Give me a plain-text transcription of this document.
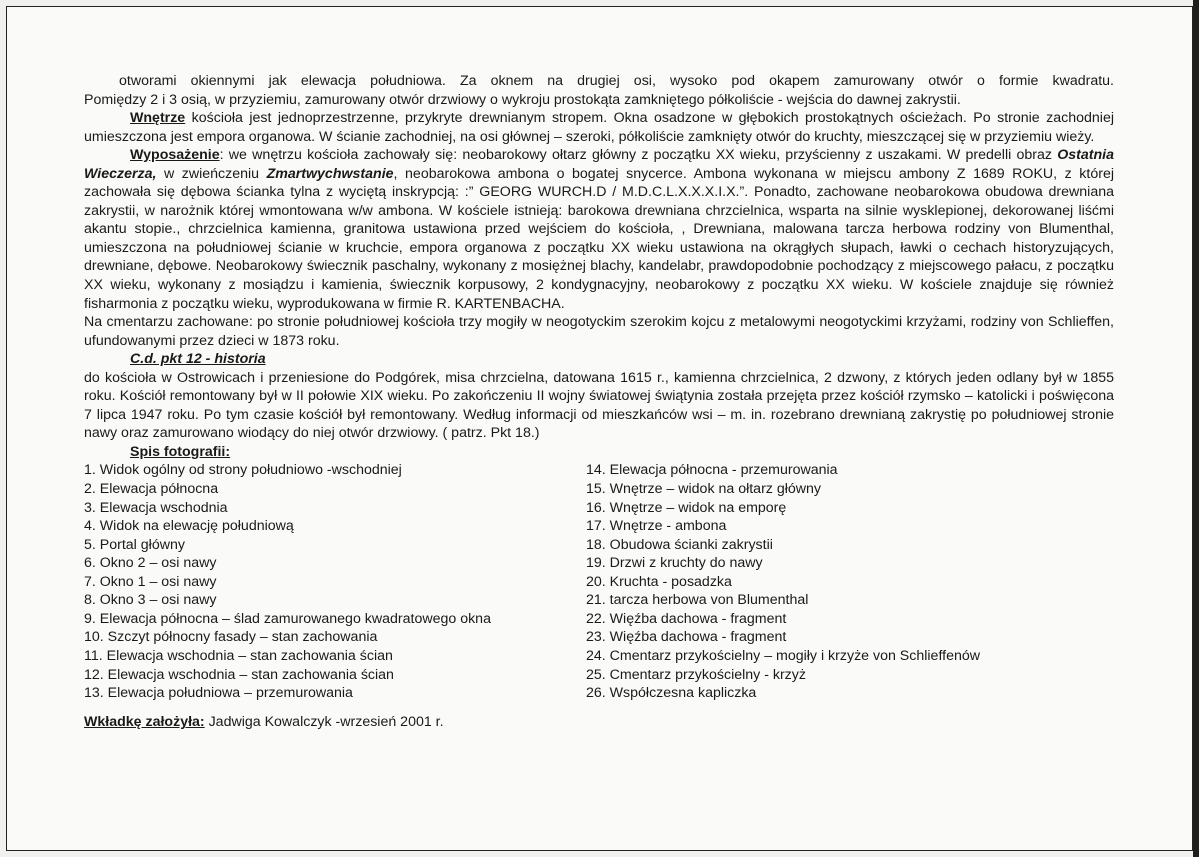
otworami okiennymi jak elewacja południowa. Za oknem na drugiej osi, wysoko pod okapem zamurowany otwór o formie kwadratu.

Pomiędzy 2 i 3 osią, w przyziemiu, zamurowany otwór drzwiowy o wykroju prostokąta zamkniętego półkoliście - wejścia do dawnej zakrystii.

Wnętrze kościoła jest jednoprzestrzenne, przykryte drewnianym stropem. Okna osadzone w głębokich prostokątnych ościeżach. Po stronie zachodniej umieszczona jest empora organowa. W ścianie zachodniej, na osi głównej – szeroki, półkoliście zamknięty otwór do kruchty, mieszczącej się w przyziemiu wieży.

Wyposażenie: we wnętrzu kościoła zachowały się: neobarokowy ołtarz główny z początku XX wieku, przyścienny z uszakami. W predelli obraz Ostatnia Wieczerza, w zwieńczeniu Zmartwychwstanie, neobarokowa ambona o bogatej snycerce. Ambona wykonana w miejscu ambony Z 1689 ROKU, z której zachowała się dębowa ścianka tylna z wyciętą inskrypcją: :” GEORG WURCH.D / M.D.C.L.X.X.X.I.X.”. Ponadto, zachowane neobarokowa obudowa drewniana zakrystii, w narożnik której wmontowana w/w ambona. W kościele istnieją: barokowa drewniana chrzcielnica, wsparta na silnie wysklepionej, dekorowanej liśćmi akantu stopie., chrzcielnica kamienna, granitowa ustawiona przed wejściem do kościoła, , Drewniana, malowana tarcza herbowa rodziny von Blumenthal, umieszczona na południowej ścianie w kruchcie, empora organowa z początku XX wieku ustawiona na okrągłych słupach, ławki o cechach historyzujących, drewniane, dębowe. Neobarokowy świecznik paschalny, wykonany z mosiężnej blachy, kandelabr, prawdopodobnie pochodzący z miejscowego pałacu, z początku XX wieku, wykonany z mosiądzu i kamienia, świecznik korpusowy, 2 kondygnacyjny, neobarokowy z początku XX wieku. W kościele znajduje się również fisharmonia z początku wieku, wyprodukowana w firmie R. KARTENBACHA.

Na cmentarzu zachowane: po stronie południowej kościoła trzy mogiły w neogotyckim szerokim kojcu z metalowymi neogotyckimi krzyżami, rodziny von Schlieffen, ufundowanymi przez dzieci w 1873 roku.

C.d. pkt 12 - historia

do kościoła w Ostrowicach i przeniesione do Podgórek, misa chrzcielna, datowana 1615 r., kamienna chrzcielnica, 2 dzwony, z których jeden odlany był w 1855 roku. Kościół remontowany był w II połowie XIX wieku. Po zakończeniu II wojny światowej świątynia została przejęta przez kościół rzymsko – katolicki i poświęcona 7 lipca 1947 roku. Po tym czasie kościół był remontowany. Według informacji od mieszkańców wsi – m. in. rozebrano drewnianą zakrystię po południowej stronie nawy oraz zamurowano wiodący do niej otwór drzwiowy. ( patrz. Pkt 18.)

Spis fotografii:

1. Widok ogólny od strony południowo -wschodniej

2. Elewacja północna

3. Elewacja wschodnia

4. Widok na elewację południową

5. Portal główny

6. Okno 2 – osi nawy

7. Okno 1 – osi nawy

8. Okno 3 – osi nawy

9. Elewacja północna – ślad zamurowanego kwadratowego okna

10. Szczyt północny fasady – stan zachowania

11. Elewacja wschodnia – stan zachowania ścian

12. Elewacja wschodnia – stan zachowania ścian

13. Elewacja południowa – przemurowania

14. Elewacja północna - przemurowania

15. Wnętrze – widok na ołtarz główny

16. Wnętrze – widok na emporę

17. Wnętrze - ambona

18. Obudowa ścianki zakrystii

19. Drzwi z kruchty do nawy

20. Kruchta - posadzka

21. tarcza herbowa von Blumenthal

22. Więźba dachowa - fragment

23. Więźba dachowa - fragment

24. Cmentarz przykościelny – mogiły i krzyże von Schlieffenów

25. Cmentarz przykościelny - krzyż

26. Współczesna kapliczka

Wkładkę założyła: Jadwiga Kowalczyk -wrzesień 2001 r.
